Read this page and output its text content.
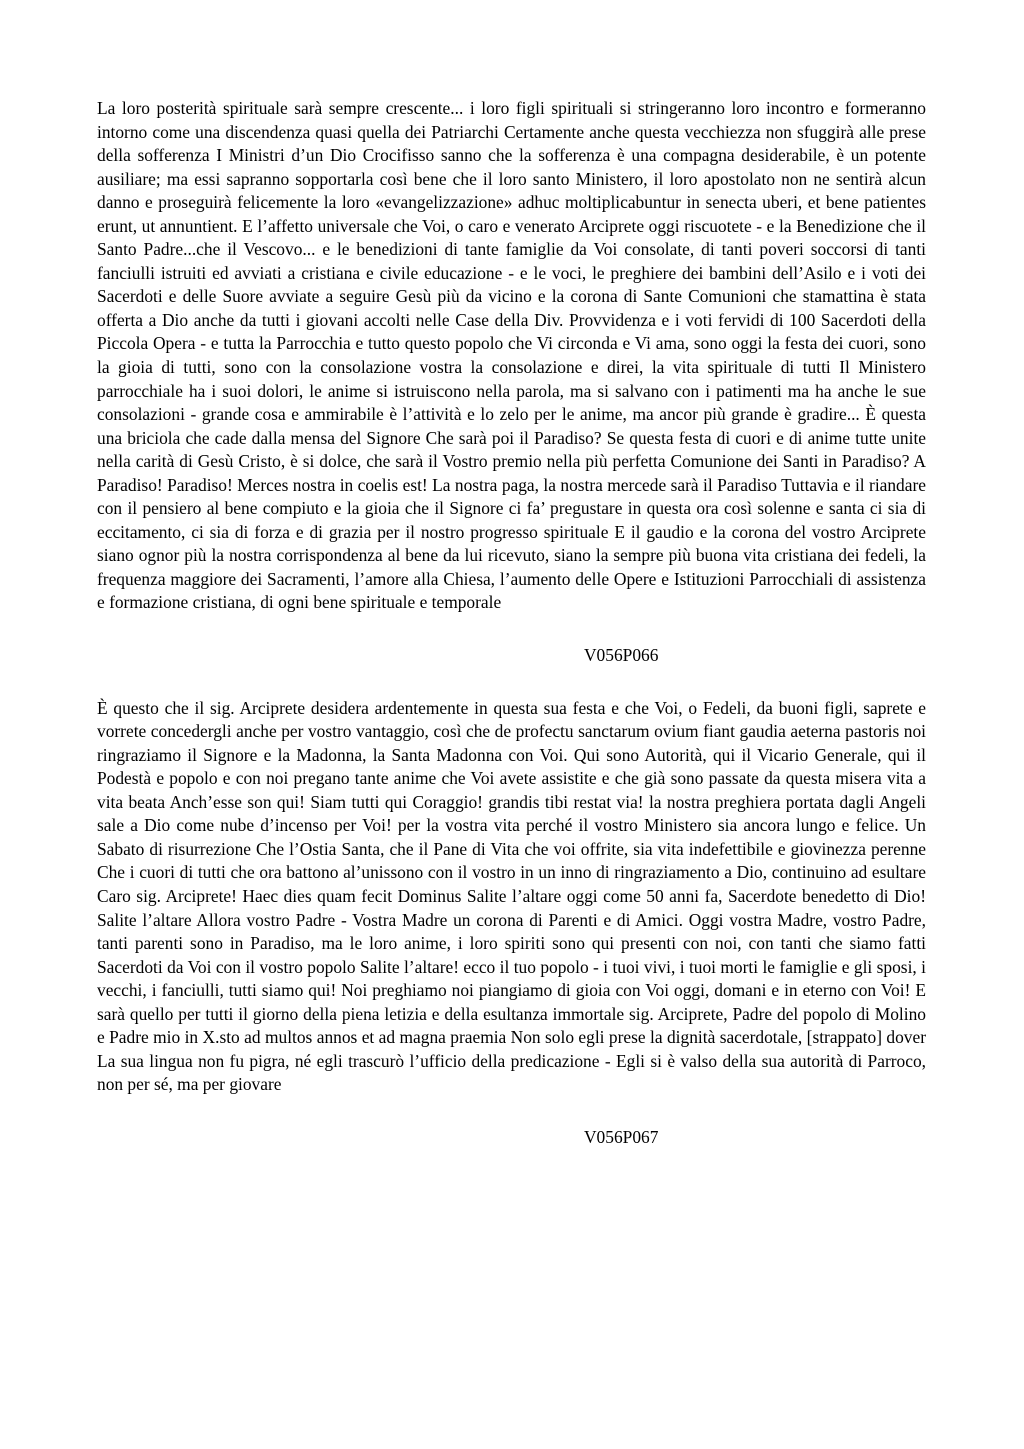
La loro posterità spirituale sarà sempre crescente... i loro figli spirituali si stringeranno loro incontro e formeranno intorno come una discendenza quasi quella dei Patriarchi Certamente anche questa vecchiezza non sfuggirà alle prese della sofferenza I Ministri d’un Dio Crocifisso sanno che la sofferenza è una compagna desiderabile, è un potente ausiliare; ma essi sapranno sopportarla così bene che il loro santo Ministero, il loro apostolato non ne sentirà alcun danno e proseguirà felicemente la loro «evangelizzazione» adhuc moltiplicabuntur in senecta uberi, et bene patientes erunt, ut annuntient. E l’affetto universale che Voi, o caro e venerato Arciprete oggi riscuotete - e la Benedizione che il Santo Padre...che il Vescovo... e le benedizioni di tante famiglie da Voi consolate, di tanti poveri soccorsi di tanti fanciulli istruiti ed avviati a cristiana e civile educazione - e le voci, le preghiere dei bambini dell’Asilo e i voti dei Sacerdoti e delle Suore avviate a seguire Gesù più da vicino e la corona di Sante Comunioni che stamattina è stata offerta a Dio anche da tutti i giovani accolti nelle Case della Div. Provvidenza e i voti fervidi di 100 Sacerdoti della Piccola Opera - e tutta la Parrocchia e tutto questo popolo che Vi circonda e Vi ama, sono oggi la festa dei cuori, sono la gioia di tutti, sono con la consolazione vostra la consolazione e direi, la vita spirituale di tutti Il Ministero parrocchiale ha i suoi dolori, le anime si istruiscono nella parola, ma si salvano con i patimenti ma ha anche le sue consolazioni - grande cosa e ammirabile è l’attività e lo zelo per le anime, ma ancor più grande è gradire... È questa una briciola che cade dalla mensa del Signore Che sarà poi il Paradiso? Se questa festa di cuori e di anime tutte unite nella carità di Gesù Cristo, è si dolce, che sarà il Vostro premio nella più perfetta Comunione dei Santi in Paradiso? A Paradiso! Paradiso! Merces nostra in coelis est! La nostra paga, la nostra mercede sarà il Paradiso Tuttavia e il riandare con il pensiero al bene compiuto e la gioia che il Signore ci fa’ pregustare in questa ora così solenne e santa ci sia di eccitamento, ci sia di forza e di grazia per il nostro progresso spirituale E il gaudio e la corona del vostro Arciprete siano ognor più la nostra corrispondenza al bene da lui ricevuto, siano la sempre più buona vita cristiana dei fedeli, la frequenza maggiore dei Sacramenti, l’amore alla Chiesa, l’aumento delle Opere e Istituzioni Parrocchiali di assistenza e formazione cristiana, di ogni bene spirituale e temporale

V056P066

È questo che il sig. Arciprete desidera ardentemente in questa sua festa e che Voi, o Fedeli, da buoni figli, saprete e vorrete concedergli anche per vostro vantaggio, così che de profectu sanctarum ovium fiant gaudia aeterna pastoris noi ringraziamo il Signore e la Madonna, la Santa Madonna con Voi. Qui sono Autorità, qui il Vicario Generale, qui il Podestà e popolo e con noi pregano tante anime che Voi avete assistite e che già sono passate da questa misera vita a vita beata Anch’esse son qui! Siam tutti qui Coraggio! grandis tibi restat via! la nostra preghiera portata dagli Angeli sale a Dio come nube d’incenso per Voi! per la vostra vita perché il vostro Ministero sia ancora lungo e felice. Un Sabato di risurrezione Che l’Ostia Santa, che il Pane di Vita che voi offrite, sia vita indefettibile e giovinezza perenne Che i cuori di tutti che ora battono al’unissono con il vostro in un inno di ringraziamento a Dio, continuino ad esultare Caro sig. Arciprete! Haec dies quam fecit Dominus Salite l’altare oggi come 50 anni fa, Sacerdote benedetto di Dio! Salite l’altare Allora vostro Padre - Vostra Madre un corona di Parenti e di Amici. Oggi vostra Madre, vostro Padre, tanti parenti sono in Paradiso, ma le loro anime, i loro spiriti sono qui presenti con noi, con tanti che siamo fatti Sacerdoti da Voi con il vostro popolo Salite l’altare! ecco il tuo popolo - i tuoi vivi, i tuoi morti le famiglie e gli sposi, i vecchi, i fanciulli, tutti siamo qui! Noi preghiamo noi piangiamo di gioia con Voi oggi, domani e in eterno con Voi! E sarà quello per tutti il giorno della piena letizia e della esultanza immortale sig. Arciprete, Padre del popolo di Molino e Padre mio in X.sto ad multos annos et ad magna praemia Non solo egli prese la dignità sacerdotale, [strappato] dover La sua lingua non fu pigra, né egli trascurò l’ufficio della predicazione - Egli si è valso della sua autorità di Parroco, non per sé, ma per giovare

V056P067
